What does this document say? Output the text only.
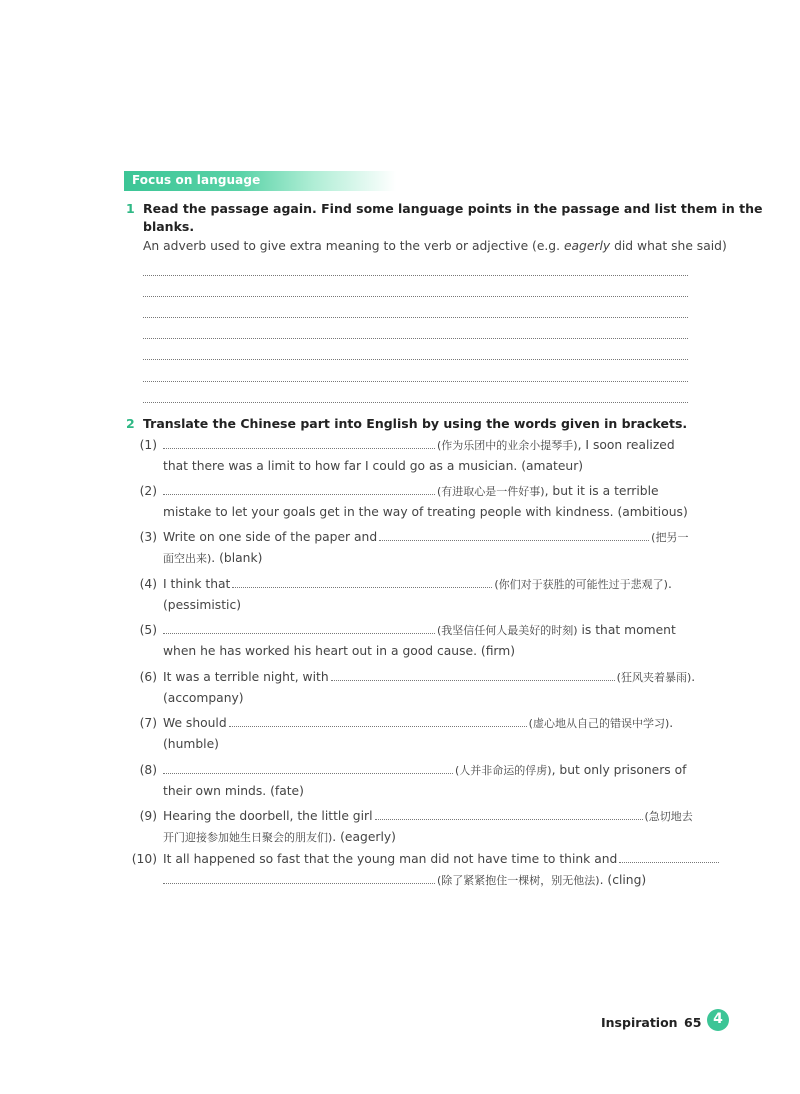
Focus on language
1 Read the passage again. Find some language points in the passage and list them in the
blanks.
An adverb used to give extra meaning to the verb or adjective (e.g. eagerly did what she said)
2 Translate the Chinese part into English by using the words given in brackets.
(1)	(作为乐团中的业余小提琴手), I soon realized
that there was a limit to how far I could go as a musician. (amateur)
(2)	(有进取心是一件好事), but it is a terrible
mistake to let your goals get in the way of treating people with kindness. (ambitious)
(3) Write on one side of the paper and	(把另一
面空出来). (blank)
(4) I think that	(你们对于获胜的可能性过于悲观了).
(pessimistic)
(5)	(我坚信任何人最美好的时刻) is that moment
when he has worked his heart out in a good cause. (firm)
(6) It was a terrible night, with	(狂风夹着暴雨).
(accompany)
(7) We should	(虚心地从自己的错误中学习).
(humble)
(8)	(人并非命运的俘虏), but only prisoners of
their own minds. (fate)
(9) Hearing the doorbell, the little girl	(急切地去
开门迎接参加她生日聚会的朋友们). (eagerly)
(10) It all happened so fast that the young man did not have time to think and
(除了紧紧抱住一棵树，别无他法). (cling)
Inspiration 65 4
